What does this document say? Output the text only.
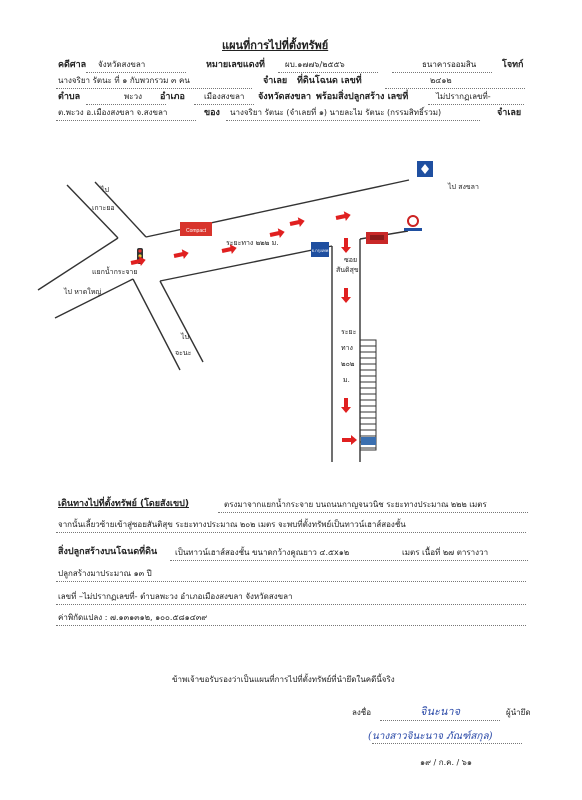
แผนที่การไปที่ตั้งทรัพย์
คดีศาล จังหวัดสงขลา	หมายเลขแดงที่	ผบ.๑๗๗๖/๒๕๕๖	ธนาคารออมสิน	โจทก์
นางจริยา รัตนะ ที่ ๑ กับพวกรวม ๓ คน	จำเลย ที่ดินโฉนด เลขที่	๒๔๑๒
ตำบล	พะวง อำเภอ เมืองสงขลา จังหวัดสงขลา พร้อมสิ่งปลูกสร้าง เลขที่	ไม่ปรากฏเลขที่-
ต.พะวง อ.เมืองสงขลา จ.สงขลา	ของ นางจริยา รัตนะ (จำเลยที่ ๑) นายละไม รัตนะ (กรรมสิทธิ์รวม)	จำเลย
Compact
ธ.กรุงเทพ
ไป
เกาะยอ
แยกน้ำกระจาย
ไป หาดใหญ่
ไป
จะนะ
ระยะทาง ๒๒๒ ม.
ไป สงขลา
ซอย
สันติสุข
ระยะ
ทาง
๒๐๒
ม.
เดินทางไปที่ตั้งทรัพย์ (โดยสังเขป)	ตรงมาจากแยกน้ำกระจาย บนถนนกาญจนวนิช ระยะทางประมาณ ๒๒๒ เมตร
จากนั้นเลี้ยวซ้ายเข้าสู่ซอยสันติสุข ระยะทางประมาณ ๒๐๒ เมตร จะพบที่ตั้งทรัพย์เป็นทาวน์เฮาส์สองชั้น
สิ่งปลูกสร้างบนโฉนดที่ดิน เป็นทาวน์เฮาส์สองชั้น ขนาดกว้างคูณยาว ๔.๕x๑๒	เมตร เนื้อที่ ๒๗ ตารางวา
ปลูกสร้างมาประมาณ ๑๓ ปี
เลขที่ –ไม่ปรากฏเลขที่- ตำบลพะวง อำเภอเมืองสงขลา จังหวัดสงขลา
ค่าพิกัดแปลง : ๗.๑๓๑๓๑๒, ๑๐๐.๕๘๑๔๓๙
ข้าพเจ้าขอรับรองว่าเป็นแผนที่การไปที่ตั้งทรัพย์ที่นำยึดในคดีนี้จริง
ลงชื่อ	จินะนาจ	ผู้นำยึด
(นางสาวจินะนาจ ภัณฑ์สกุล)
๑๙ / ก.ค. / ๖๑
